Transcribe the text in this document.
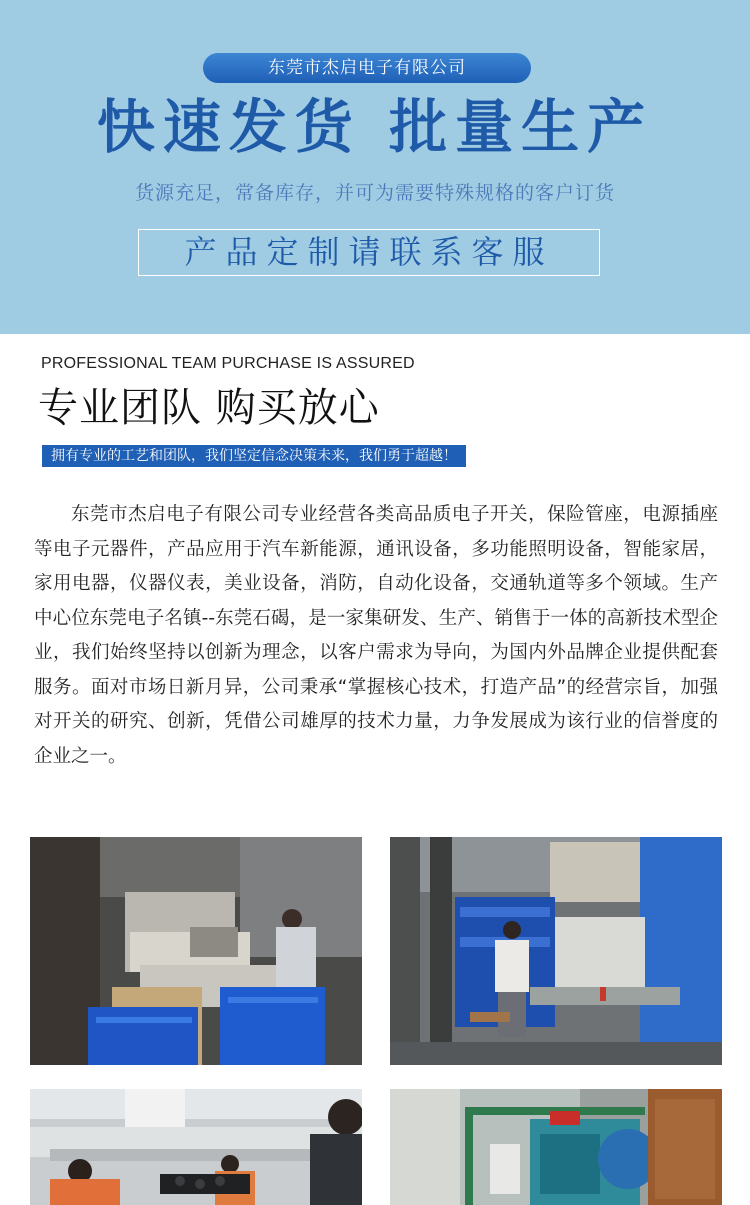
东莞市杰启电子有限公司
快速发货 批量生产
货源充足，常备库存，并可为需要特殊规格的客户订货
产品定制请联系客服
PROFESSIONAL TEAM PURCHASE IS ASSURED
专业团队 购买放心
拥有专业的工艺和团队，我们坚定信念决策未来，我们勇于超越！

东莞市杰启电子有限公司专业经营各类高品质电子开关，保险管座，电源插座等电子元器件，产品应用于汽车新能源，通讯设备，多功能照明设备，智能家居，家用电器，仪器仪表，美业设备，消防，自动化设备，交通轨道等多个领域。生产中心位东莞电子名镇--东莞石碣，是一家集研发、生产、销售于一体的高新技术型企业，我们始终坚持以创新为理念，以客户需求为导向，为国内外品牌企业提供配套服务。面对市场日新月异，公司秉承“掌握核心技术，打造产品”的经营宗旨，加强对开关的研究、创新，凭借公司雄厚的技术力量，力争发展成为该行业的信誉度的企业之一。
